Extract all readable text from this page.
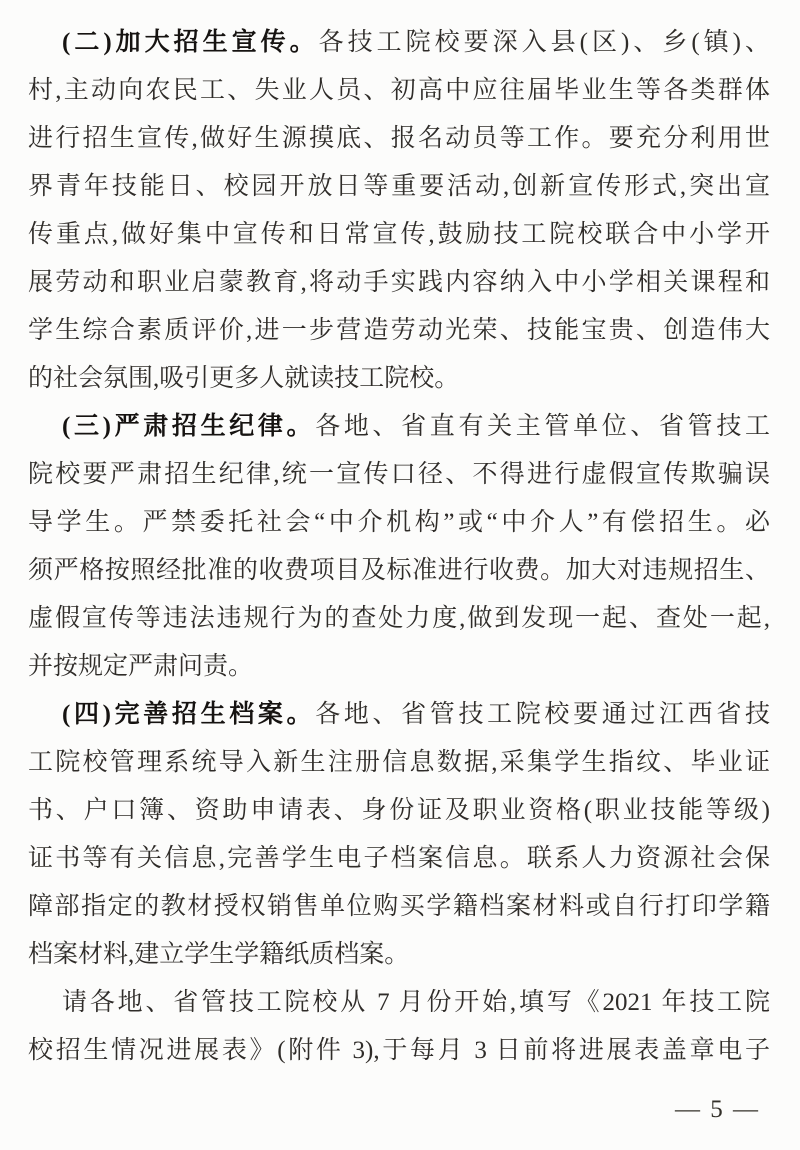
(二)加大招生宣传。各技工院校要深入县(区)、乡(镇)、
村,主动向农民工、失业人员、初高中应往届毕业生等各类群体
进行招生宣传,做好生源摸底、报名动员等工作。要充分利用世
界青年技能日、校园开放日等重要活动,创新宣传形式,突出宣
传重点,做好集中宣传和日常宣传,鼓励技工院校联合中小学开
展劳动和职业启蒙教育,将动手实践内容纳入中小学相关课程和
学生综合素质评价,进一步营造劳动光荣、技能宝贵、创造伟大
的社会氛围,吸引更多人就读技工院校。
(三)严肃招生纪律。各地、省直有关主管单位、省管技工
院校要严肃招生纪律,统一宣传口径、不得进行虚假宣传欺骗误
导学生。严禁委托社会“中介机构”或“中介人”有偿招生。必
须严格按照经批准的收费项目及标准进行收费。加大对违规招生、
虚假宣传等违法违规行为的查处力度,做到发现一起、查处一起,
并按规定严肃问责。
(四)完善招生档案。各地、省管技工院校要通过江西省技
工院校管理系统导入新生注册信息数据,采集学生指纹、毕业证
书、户口簿、资助申请表、身份证及职业资格(职业技能等级)
证书等有关信息,完善学生电子档案信息。联系人力资源社会保
障部指定的教材授权销售单位购买学籍档案材料或自行打印学籍
档案材料,建立学生学籍纸质档案。
请各地、省管技工院校从 7 月份开始,填写《2021 年技工院
校招生情况进展表》(附件 3),于每月 3 日前将进展表盖章电子
— 5 —
